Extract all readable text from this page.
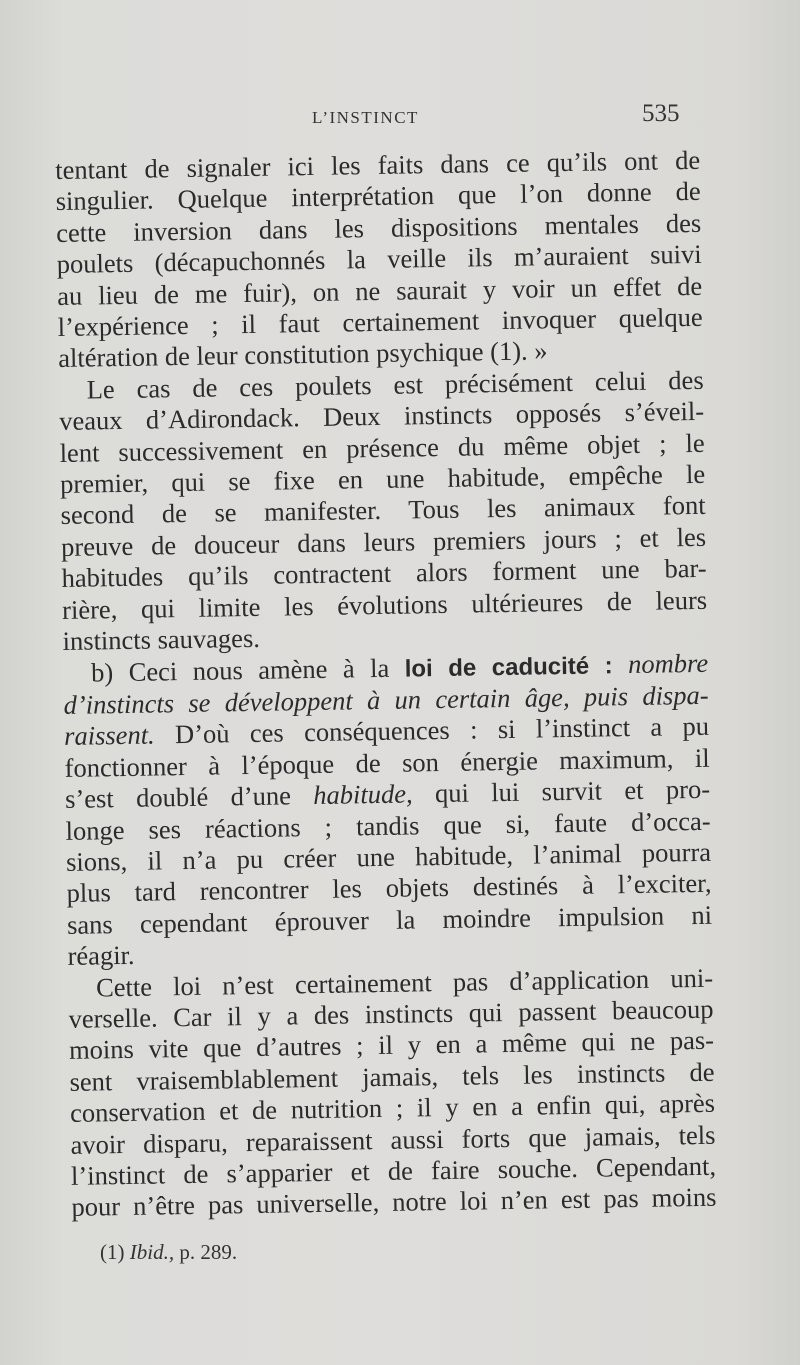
L’INSTINCT	535
tentant de signaler ici les faits dans ce qu’ils ont de
singulier. Quelque interprétation que l’on donne de
cette inversion dans les dispositions mentales des
poulets (décapuchonnés la veille ils m’auraient suivi
au lieu de me fuir), on ne saurait y voir un effet de
l’expérience ; il faut certainement invoquer quelque
altération de leur constitution psychique (1). »
Le cas de ces poulets est précisément celui des
veaux d’Adirondack. Deux instincts opposés s’éveil-
lent successivement en présence du même objet ; le
premier, qui se fixe en une habitude, empêche le
second de se manifester. Tous les animaux font
preuve de douceur dans leurs premiers jours ; et les
habitudes qu’ils contractent alors forment une bar-
rière, qui limite les évolutions ultérieures de leurs
instincts sauvages.
b) Ceci nous amène à la loi de caducité : nombre
d’instincts se développent à un certain âge, puis dispa-
raissent. D’où ces conséquences : si l’instinct a pu
fonctionner à l’époque de son énergie maximum, il
s’est doublé d’une habitude, qui lui survit et pro-
longe ses réactions ; tandis que si, faute d’occa-
sions, il n’a pu créer une habitude, l’animal pourra
plus tard rencontrer les objets destinés à l’exciter,
sans cependant éprouver la moindre impulsion ni
réagir.
Cette loi n’est certainement pas d’application uni-
verselle. Car il y a des instincts qui passent beaucoup
moins vite que d’autres ; il y en a même qui ne pas-
sent vraisemblablement jamais, tels les instincts de
conservation et de nutrition ; il y en a enfin qui, après
avoir disparu, reparaissent aussi forts que jamais, tels
l’instinct de s’apparier et de faire souche. Cependant,
pour n’être pas universelle, notre loi n’en est pas moins
(1) Ibid., p. 289.
